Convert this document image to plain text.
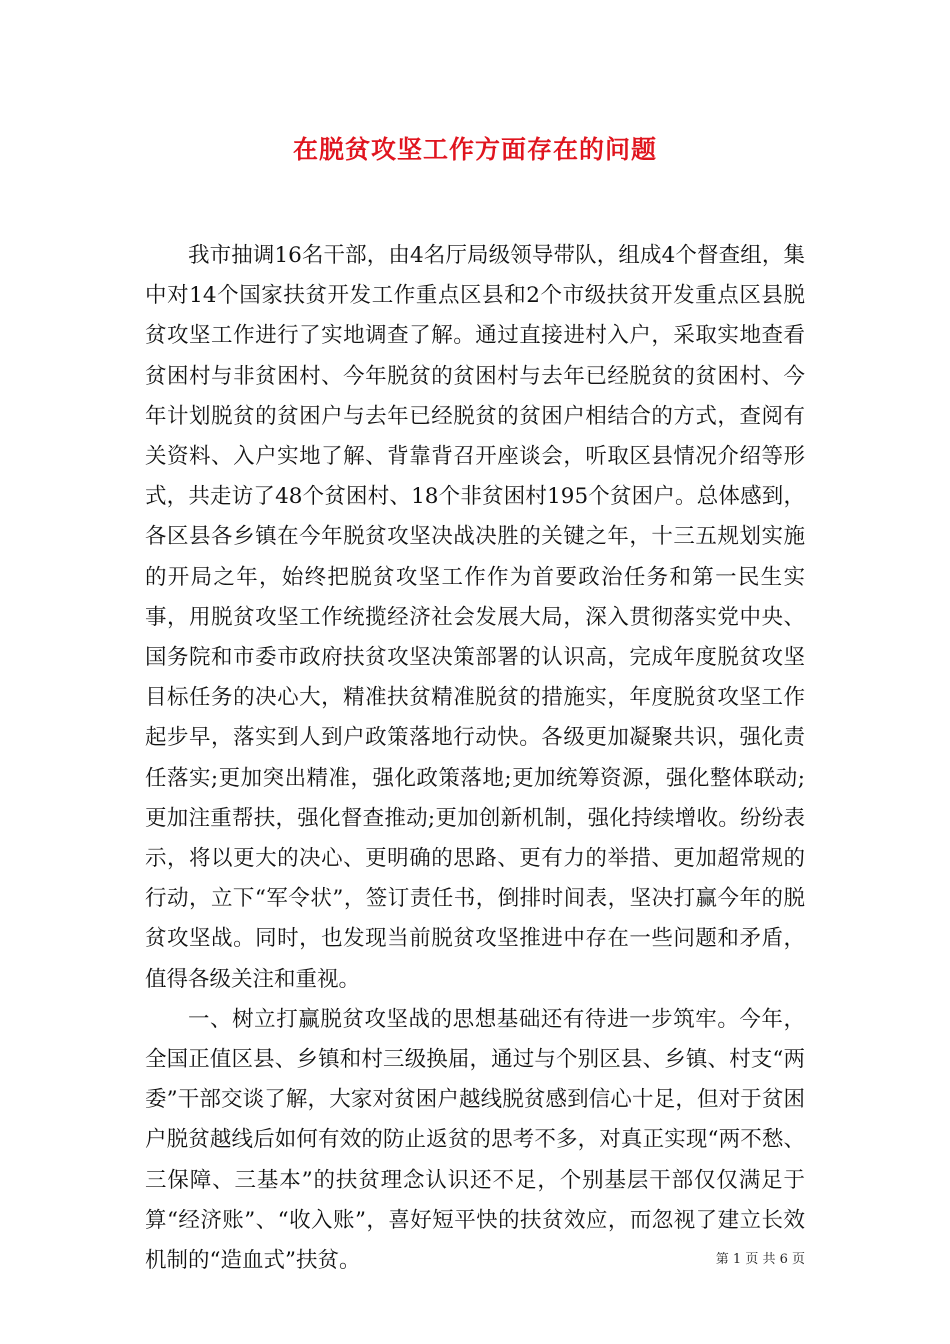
在脱贫攻坚工作方面存在的问题

我市抽调16名干部，由4名厅局级领导带队，组成4个督查组，集中对14个国家扶贫开发工作重点区县和2个市级扶贫开发重点区县脱贫攻坚工作进行了实地调查了解。通过直接进村入户，采取实地查看贫困村与非贫困村、今年脱贫的贫困村与去年已经脱贫的贫困村、今年计划脱贫的贫困户与去年已经脱贫的贫困户相结合的方式，查阅有关资料、入户实地了解、背靠背召开座谈会，听取区县情况介绍等形式，共走访了48个贫困村、18个非贫困村195个贫困户。总体感到，各区县各乡镇在今年脱贫攻坚决战决胜的关键之年，十三五规划实施的开局之年，始终把脱贫攻坚工作作为首要政治任务和第一民生实事，用脱贫攻坚工作统揽经济社会发展大局，深入贯彻落实党中央、国务院和市委市政府扶贫攻坚决策部署的认识高，完成年度脱贫攻坚目标任务的决心大，精准扶贫精准脱贫的措施实，年度脱贫攻坚工作起步早，落实到人到户政策落地行动快。各级更加凝聚共识，强化责任落实;更加突出精准，强化政策落地;更加统筹资源，强化整体联动;更加注重帮扶，强化督查推动;更加创新机制，强化持续增收。纷纷表示，将以更大的决心、更明确的思路、更有力的举措、更加超常规的行动，立下“军令状”，签订责任书，倒排时间表，坚决打赢今年的脱贫攻坚战。同时，也发现当前脱贫攻坚推进中存在一些问题和矛盾，值得各级关注和重视。

一、树立打赢脱贫攻坚战的思想基础还有待进一步筑牢。今年，全国正值区县、乡镇和村三级换届，通过与个别区县、乡镇、村支“两委”干部交谈了解，大家对贫困户越线脱贫感到信心十足，但对于贫困户脱贫越线后如何有效的防止返贫的思考不多，对真正实现“两不愁、三保障、三基本”的扶贫理念认识还不足，个别基层干部仅仅满足于算“经济账”、“收入账”，喜好短平快的扶贫效应，而忽视了建立长效机制的“造血式”扶贫。	第 1 页 共 6 页
